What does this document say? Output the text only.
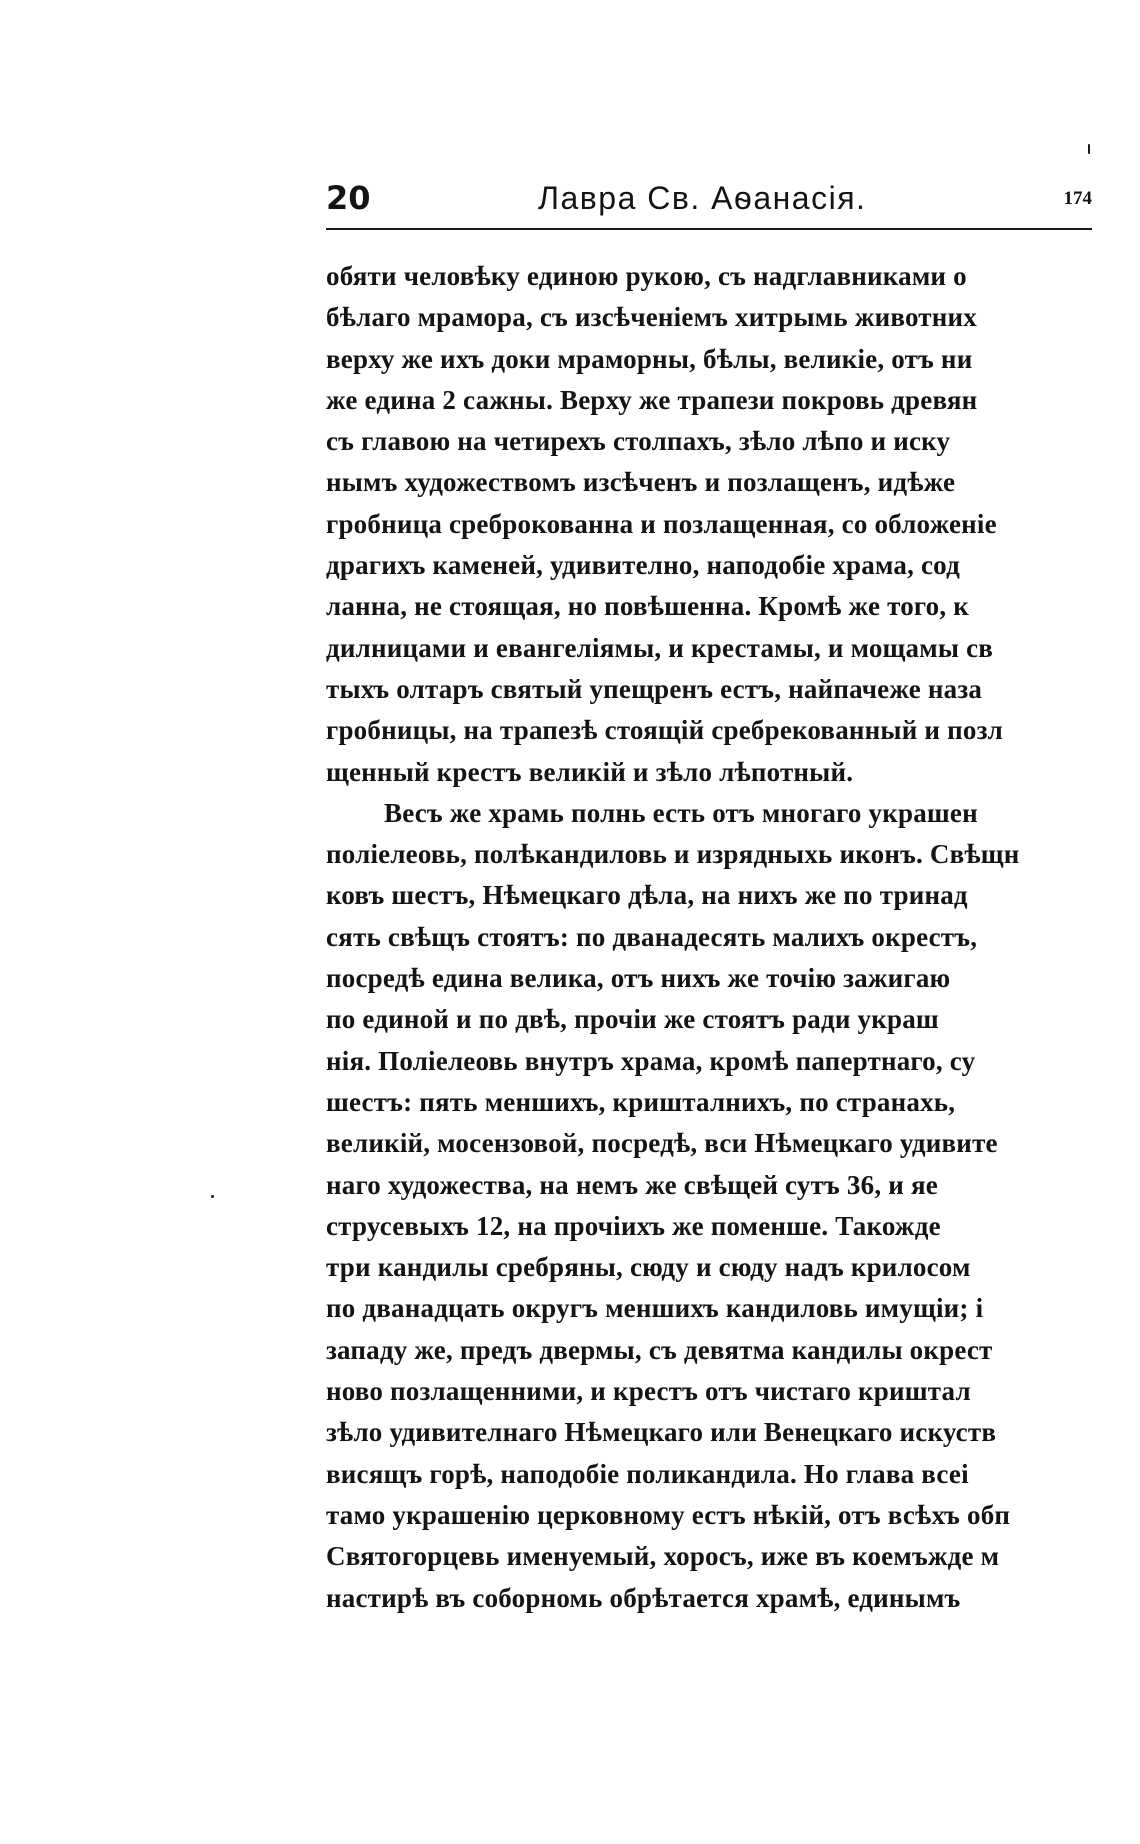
20	Лавра Св. Аѳанасія.	174
обяти человѣку единою рукою, съ надглавниками о
бѣлаго мрамора, съ изсѣченіемъ хитрымь животних
верху же ихъ доки мраморны, бѣлы, великіе, отъ ни
же едина 2 сажны. Верху же трапези покровь древян
съ главою на четирехъ столпахъ, зѣло лѣпо и иску
нымъ художествомъ изсѣченъ и позлащенъ, идѣже
гробница среброкованна и позлащенная, со обложеніе
драгихъ каменей, удивително, наподобіе храма, сод
ланна, не стоящая, но повѣшенна. Кромѣ же того, к
дилницами и евангеліямы, и крестамы, и мощамы св
тыхъ олтаръ святый упещренъ естъ, найпачеже наза
гробницы, на трапезѣ стоящій сребрекованный и позл
щенный крестъ великій и зѣло лѣпотный.
Весъ же храмь полнь есть отъ многаго украшен
поліелеовь, полѣкандиловь и изрядныхь иконъ. Свѣщн
ковъ шестъ, Нѣмецкаго дѣла, на нихъ же по тринад
сять свѣщъ стоятъ: по дванадесять малихъ окрестъ,
посредѣ едина велика, отъ нихъ же точію зажигаю
по единой и по двѣ, прочіи же стоятъ ради украш
нія. Поліелеовь внутръ храма, кромѣ папертнаго, су
шестъ: пять меншихъ, кришталнихъ, по странахь,
великій, мосензовой, посредѣ, вси Нѣмецкаго удивите
наго художества, на немъ же свѣщей сутъ 36, и яе
струсевыхъ 12, на прочіихъ же поменше. Такожде
три кандилы сребряны, сюду и сюду надъ крилосом
по дванадцать округъ меншихъ кандиловь имущіи; і
западу же, предъ двермы, съ девятма кандилы окрест
ново позлащенними, и крестъ отъ чистаго криштал
зѣло удивителнаго Нѣмецкаго или Венецкаго искуств
висящъ горѣ, наподобіе поликандила. Но глава всеі
тамо украшенію церковному естъ нѣкій, отъ всѣхъ обп
Святогорцевь именуемый, хоросъ, иже въ коемъжде м
настирѣ въ соборномь обрѣтается храмѣ, единымъ
